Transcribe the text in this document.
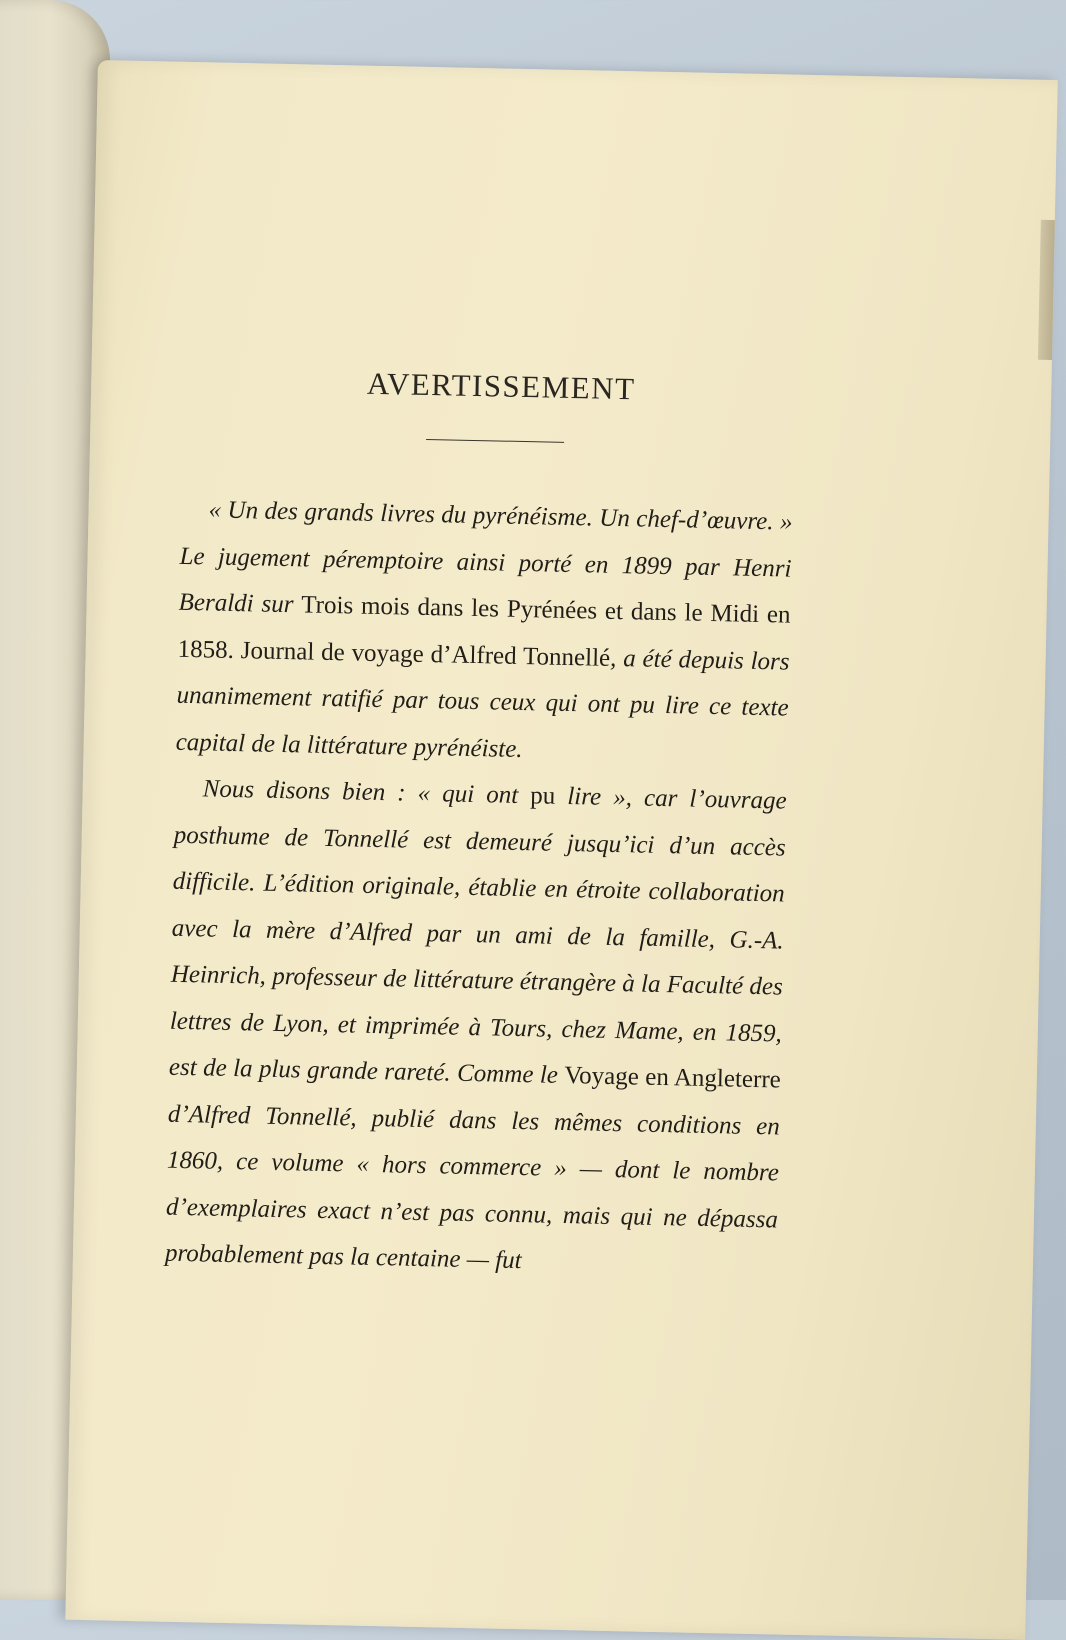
AVERTISSEMENT

« Un des grands livres du pyrénéisme. Un chef-d’œuvre. » Le jugement péremptoire ainsi porté en 1899 par Henri Beraldi sur Trois mois dans les Pyrénées et dans le Midi en 1858. Journal de voyage d’Alfred Tonnellé, a été depuis lors unanimement ratifié par tous ceux qui ont pu lire ce texte capital de la littérature pyrénéiste.

Nous disons bien : « qui ont pu lire », car l’ouvrage posthume de Tonnellé est demeuré jusqu’ici d’un accès difficile. L’édition originale, établie en étroite collaboration avec la mère d’Alfred par un ami de la famille, G.-A. Heinrich, professeur de littérature étrangère à la Faculté des lettres de Lyon, et imprimée à Tours, chez Mame, en 1859, est de la plus grande rareté. Comme le Voyage en Angleterre d’Alfred Tonnellé, publié dans les mêmes conditions en 1860, ce volume « hors commerce » — dont le nombre d’exemplaires exact n’est pas connu, mais qui ne dépassa probablement pas la centaine — fut
